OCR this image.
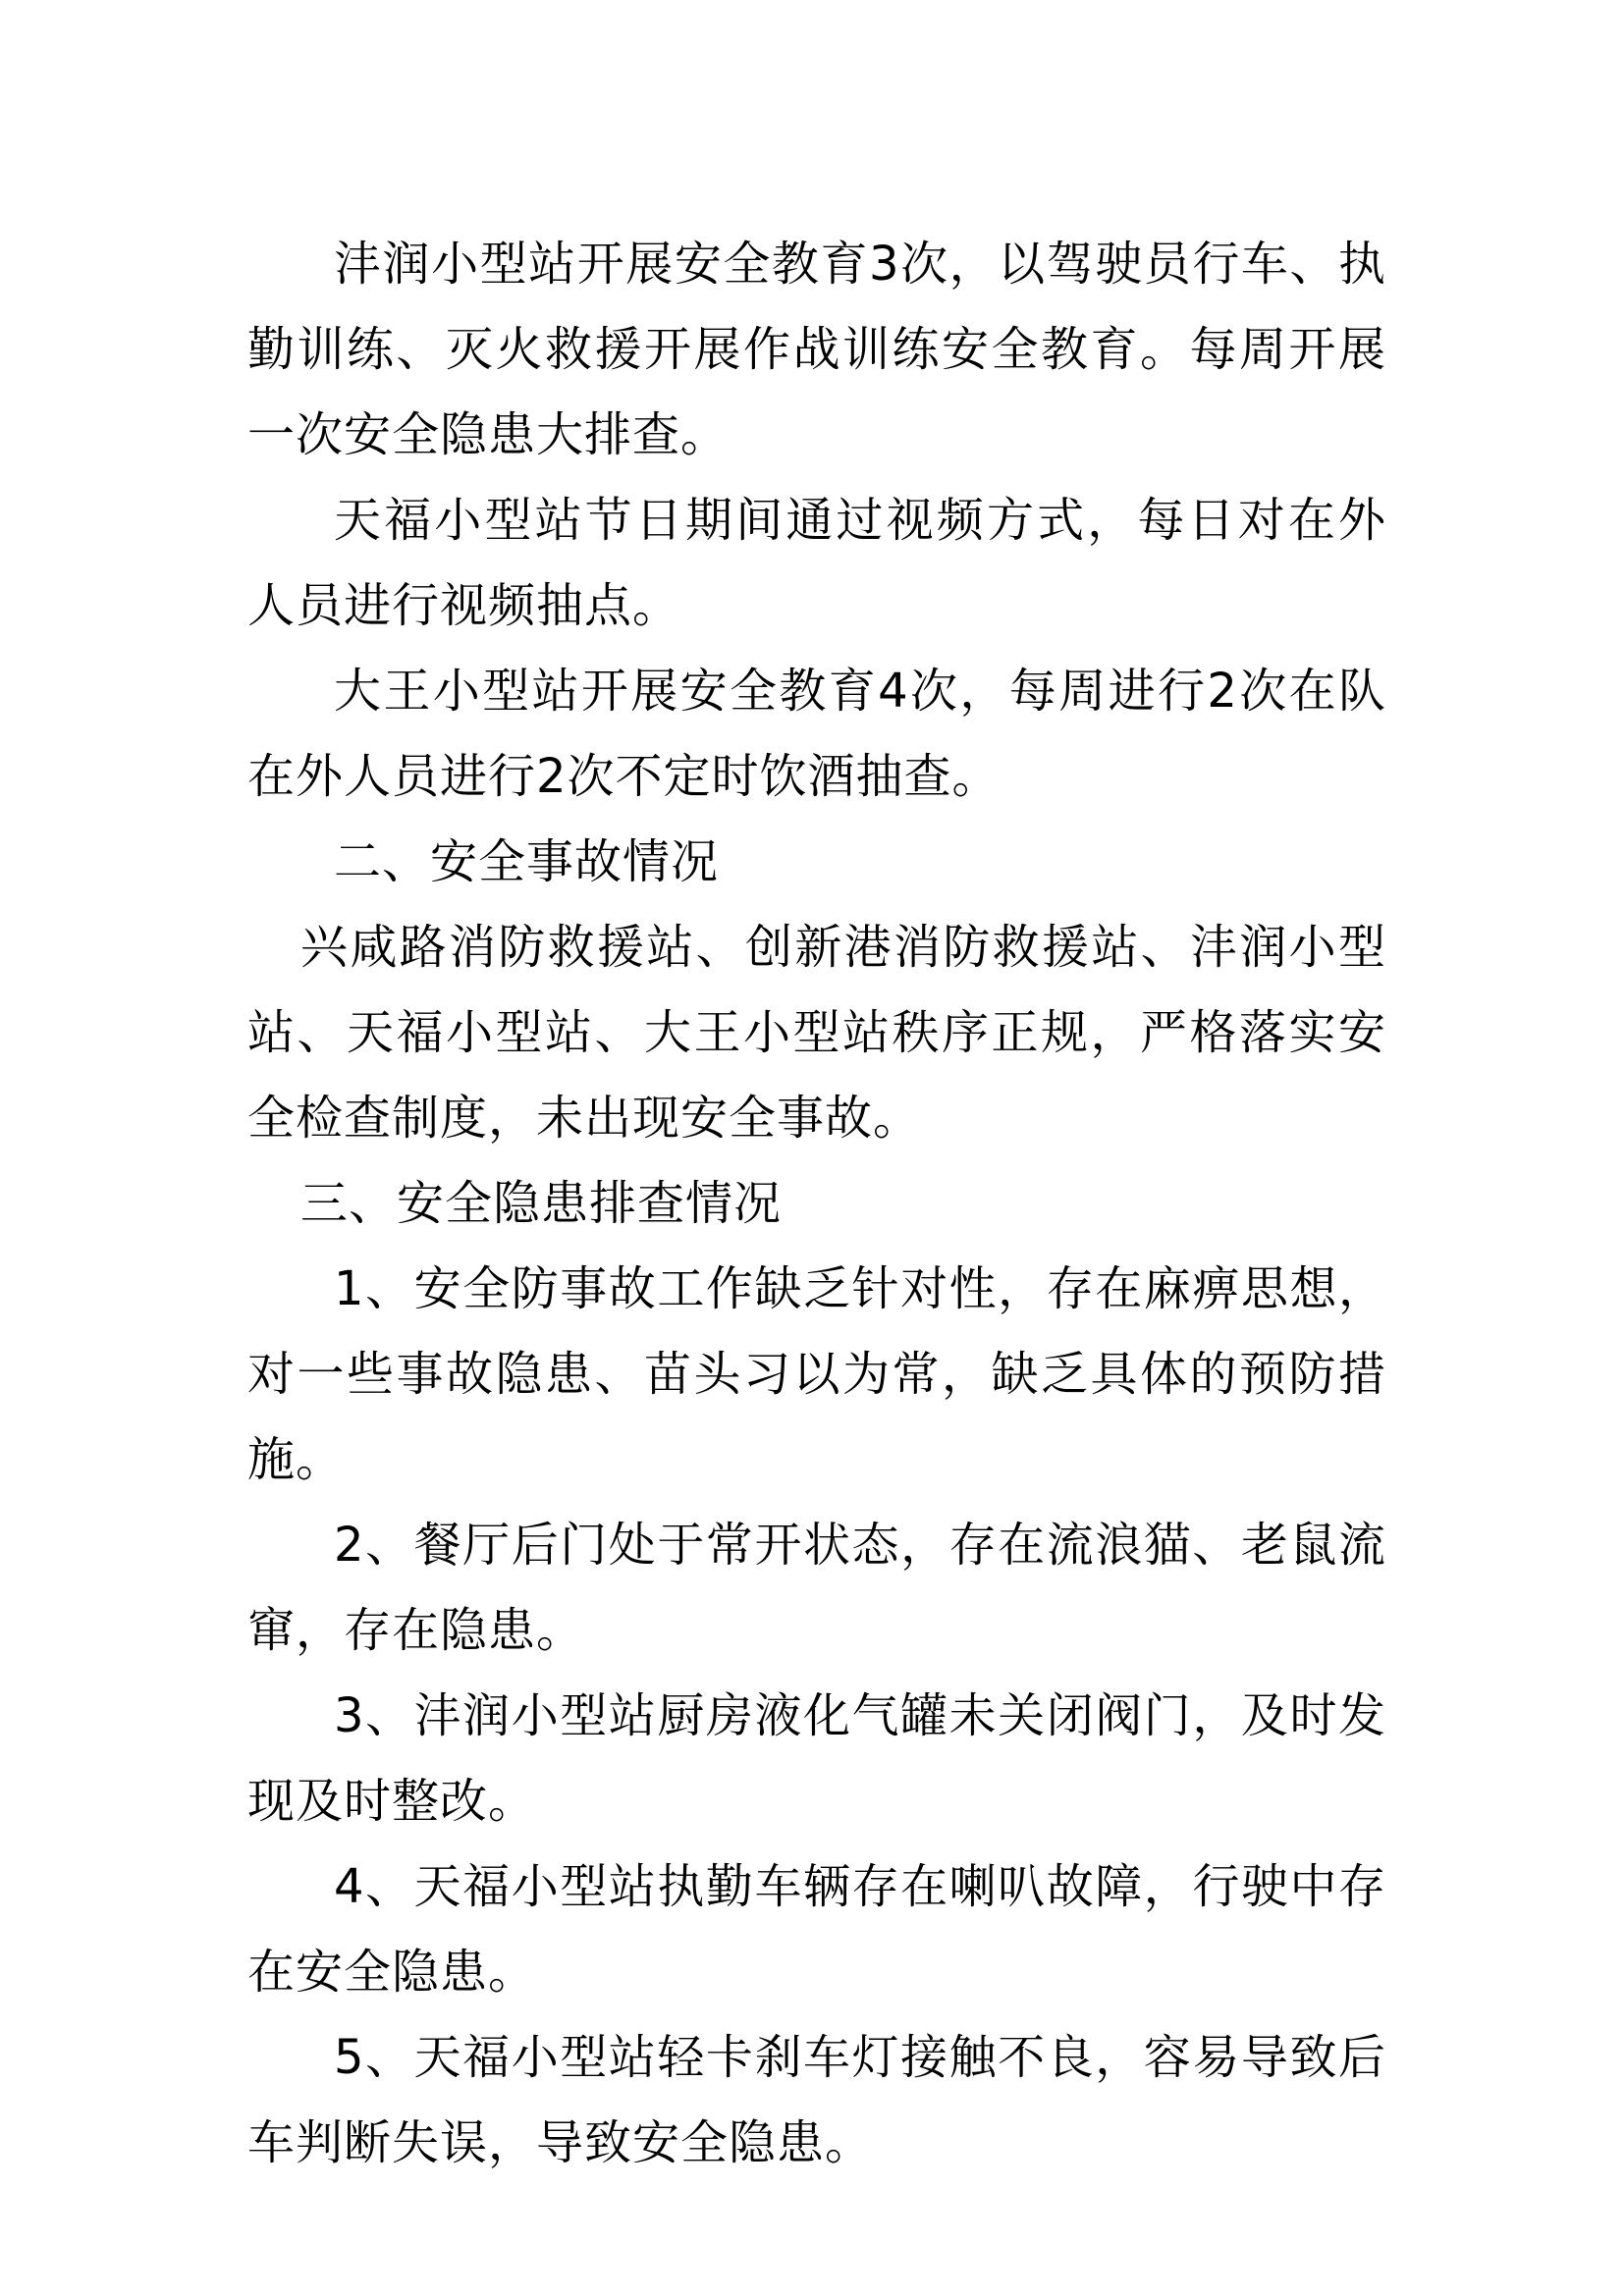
沣润小型站开展安全教育3次，以驾驶员行车、执勤训练、灭火救援开展作战训练安全教育。每周开展一次安全隐患大排查。

天福小型站节日期间通过视频方式，每日对在外人员进行视频抽点。

大王小型站开展安全教育4次，每周进行2次在队在外人员进行2次不定时饮酒抽查。

二、安全事故情况

兴咸路消防救援站、创新港消防救援站、沣润小型站、天福小型站、大王小型站秩序正规，严格落实安全检查制度，未出现安全事故。

三、安全隐患排查情况

1、安全防事故工作缺乏针对性，存在麻痹思想，对一些事故隐患、苗头习以为常，缺乏具体的预防措施。

2、餐厅后门处于常开状态，存在流浪猫、老鼠流窜，存在隐患。

3、沣润小型站厨房液化气罐未关闭阀门，及时发现及时整改。

4、天福小型站执勤车辆存在喇叭故障，行驶中存在安全隐患。

5、天福小型站轻卡刹车灯接触不良，容易导致后车判断失误，导致安全隐患。
